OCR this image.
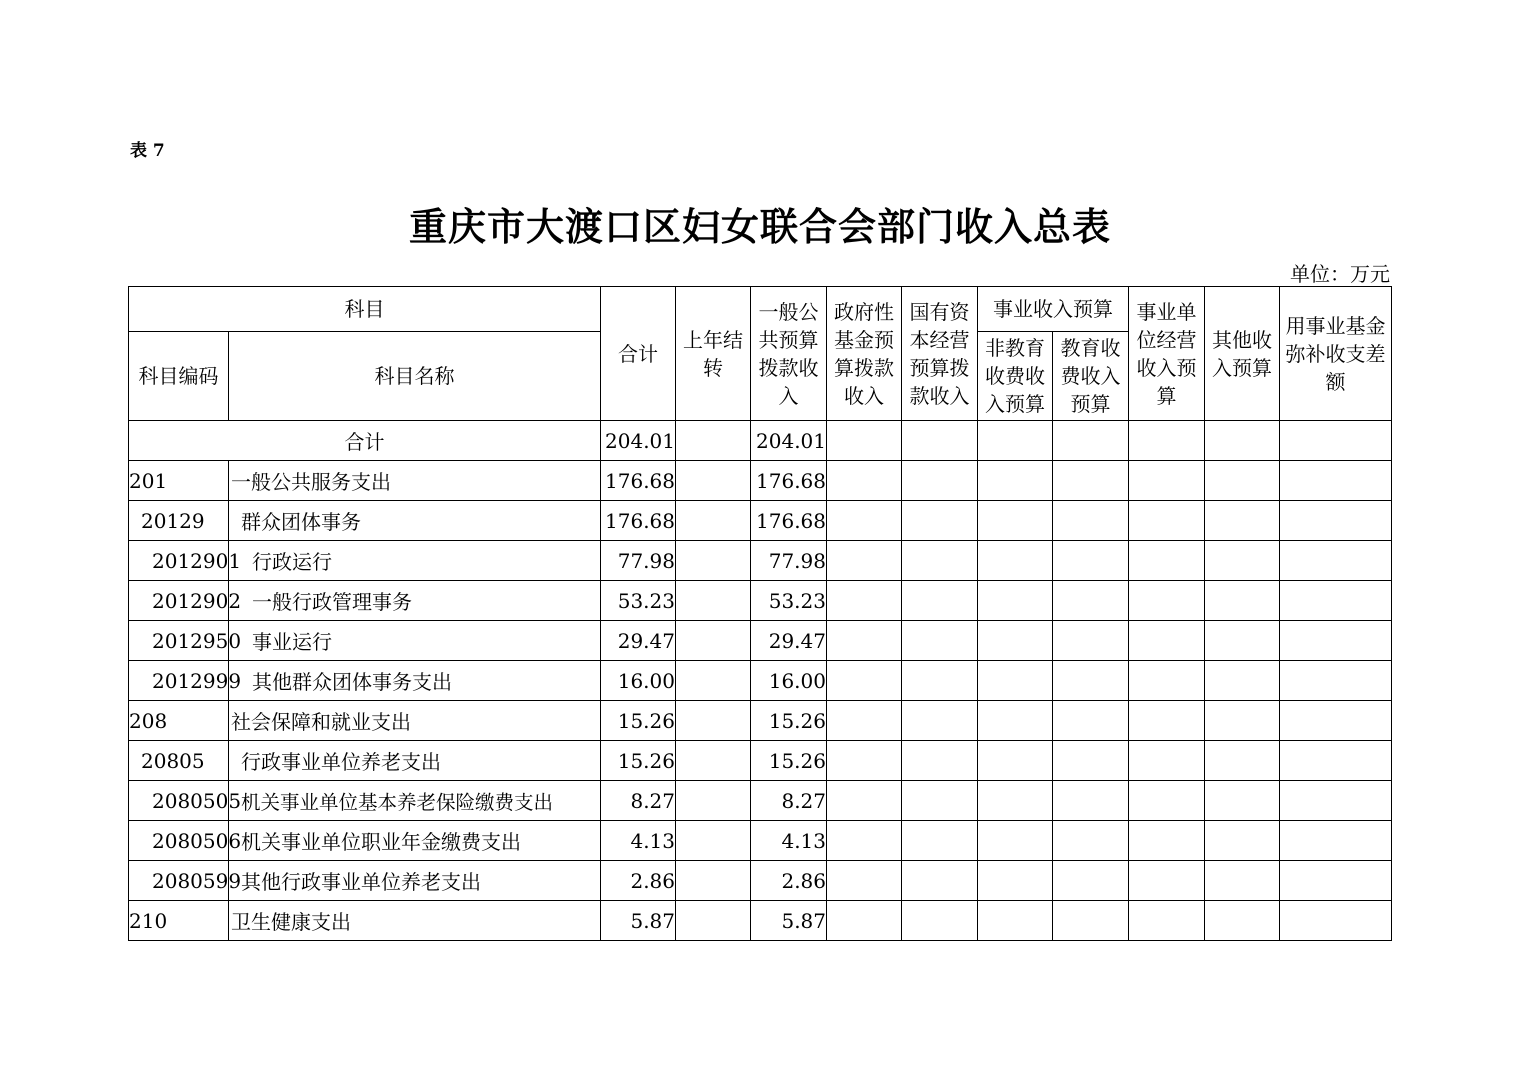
表 7
重庆市大渡口区妇女联合会部门收入总表
单位：万元
科目		合计	上年结转	一般公共预算拨款收入	政府性基金预算拨款收入	国有资本经营预算拨款收入	事业收入预算		事业单位经营收入预算	其他收入预算	用事业基金弥补收支差额
科目编码	科目名称						非教育收费收入预算	教育收费收入预算			
合计		204.01		204.01							
201	一般公共服务支出	176.68		176.68							
20129	群众团体事务	176.68		176.68							
2012901	行政运行	77.98		77.98							
2012902	一般行政管理事务	53.23		53.23							
2012950	事业运行	29.47		29.47							
2012999	其他群众团体事务支出	16.00		16.00							
208	社会保障和就业支出	15.26		15.26							
20805	行政事业单位养老支出	15.26		15.26							
2080505	机关事业单位基本养老保险缴费支出	8.27		8.27							
2080506	机关事业单位职业年金缴费支出	4.13		4.13							
2080599	其他行政事业单位养老支出	2.86		2.86							
210	卫生健康支出	5.87		5.87							
